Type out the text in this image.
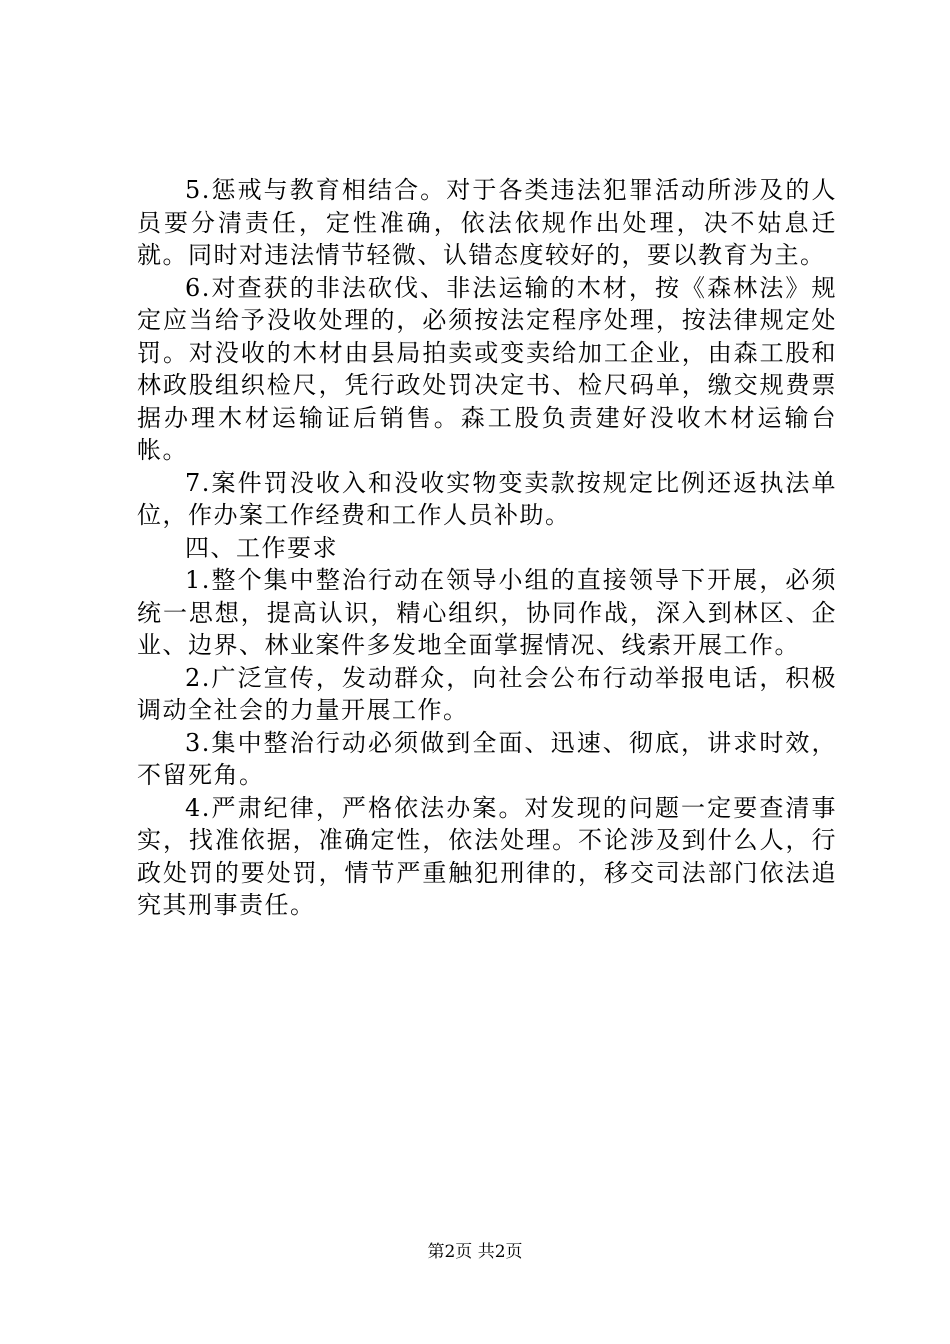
5.惩戒与教育相结合。对于各类违法犯罪活动所涉及的人员要分清责任，定性准确，依法依规作出处理，决不姑息迁就。同时对违法情节轻微、认错态度较好的，要以教育为主。

6.对查获的非法砍伐、非法运输的木材，按《森林法》规定应当给予没收处理的，必须按法定程序处理，按法律规定处罚。对没收的木材由县局拍卖或变卖给加工企业，由森工股和林政股组织检尺，凭行政处罚决定书、检尺码单，缴交规费票据办理木材运输证后销售。森工股负责建好没收木材运输台帐。

7.案件罚没收入和没收实物变卖款按规定比例还返执法单位，作办案工作经费和工作人员补助。

四、工作要求

1.整个集中整治行动在领导小组的直接领导下开展，必须统一思想，提高认识，精心组织，协同作战，深入到林区、企业、边界、林业案件多发地全面掌握情况、线索开展工作。

2.广泛宣传，发动群众，向社会公布行动举报电话，积极调动全社会的力量开展工作。

3.集中整治行动必须做到全面、迅速、彻底，讲求时效，不留死角。

4.严肃纪律，严格依法办案。对发现的问题一定要查清事实，找准依据，准确定性，依法处理。不论涉及到什么人，行政处罚的要处罚，情节严重触犯刑律的，移交司法部门依法追究其刑事责任。

第2页 共2页
